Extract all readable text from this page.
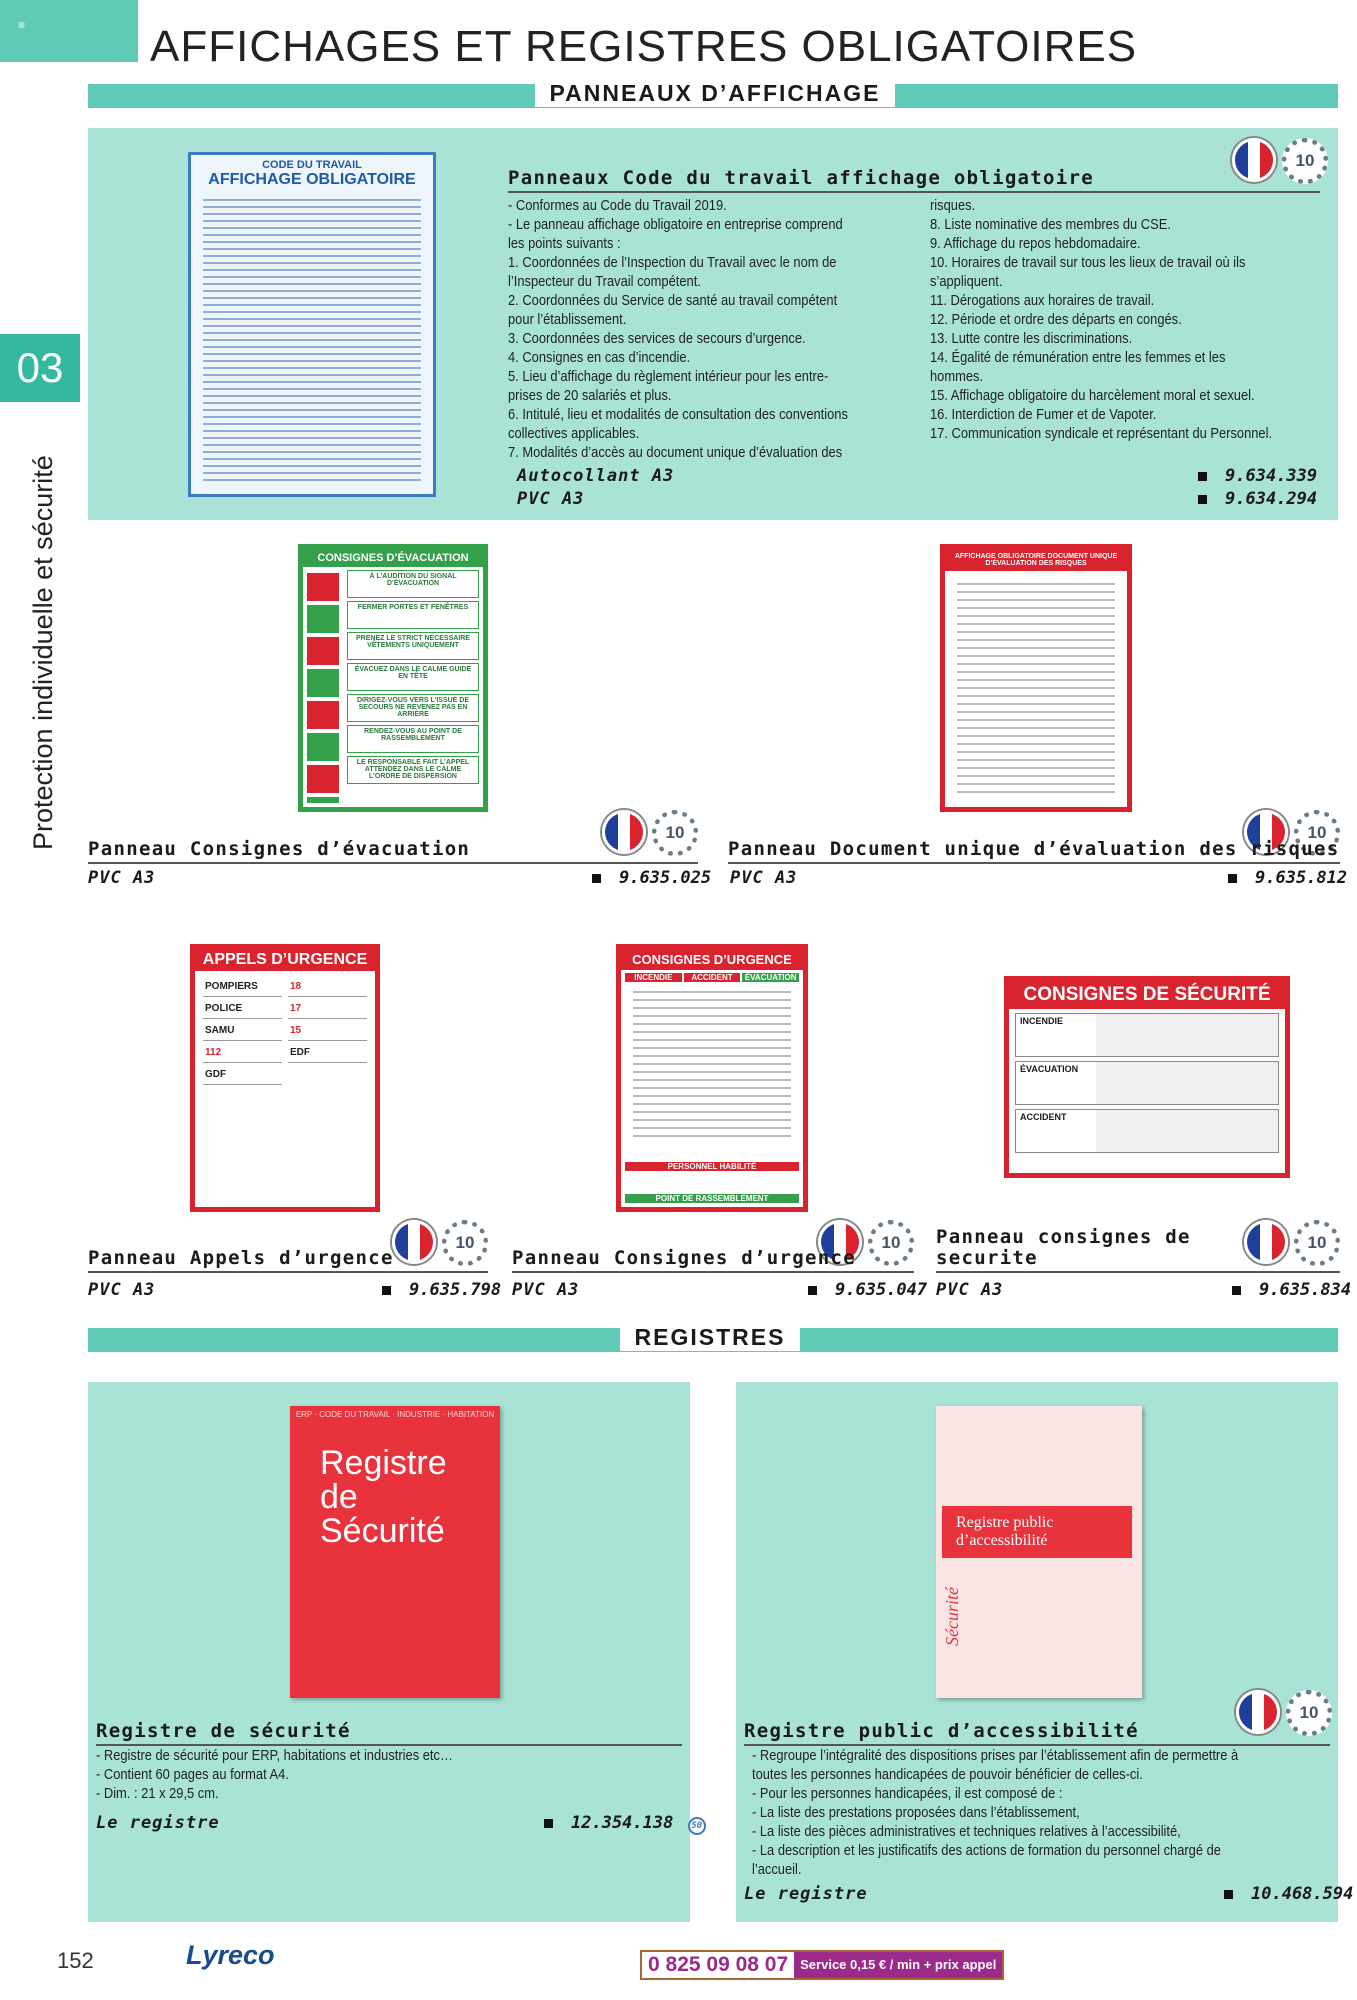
≡	AFFICHAGES ET REGISTRES OBLIGATOIRES
03
Protection individuelle et sécurité
PANNEAUX D’AFFICHAGE
CODE DU TRAVAIL
AFFICHAGE OBLIGATOIRE
10
Panneaux Code du travail affichage obligatoire
- Conformes au Code du Travail 2019.
- Le panneau affichage obligatoire en entreprise comprend
les points suivants :
1. Coordonnées de l’Inspection du Travail avec le nom de
l’Inspecteur du Travail compétent.
2. Coordonnées du Service de santé au travail compétent
pour l’établissement.
3. Coordonnées des services de secours d’urgence.
4. Consignes en cas d’incendie.
5. Lieu d’affichage du règlement intérieur pour les entre-
prises de 20 salariés et plus.
6. Intitulé, lieu et modalités de consultation des conventions
collectives applicables.
7. Modalités d’accès au document unique d’évaluation des
risques.
8. Liste nominative des membres du CSE.
9. Affichage du repos hebdomadaire.
10. Horaires de travail sur tous les lieux de travail où ils
s’appliquent.
11. Dérogations aux horaires de travail.
12. Période et ordre des départs en congés.
13. Lutte contre les discriminations.
14. Égalité de rémunération entre les femmes et les
hommes.
15. Affichage obligatoire du harcèlement moral et sexuel.
16. Interdiction de Fumer et de Vapoter.
17. Communication syndicale et représentant du Personnel.
Autocollant A3	9.634.339
PVC A3	9.634.294
CONSIGNES D’ÉVACUATION
À L’AUDITION DU SIGNAL D’ÉVACUATION
FERMER PORTES ET FENÊTRES
PRENEZ LE STRICT NÉCESSAIRE VÊTEMENTS UNIQUEMENT
ÉVACUEZ DANS LE CALME GUIDE EN TÊTE
DIRIGEZ-VOUS VERS L’ISSUE DE SECOURS NE REVENEZ PAS EN ARRIÈRE
RENDEZ-VOUS AU POINT DE RASSEMBLEMENT
LE RESPONSABLE FAIT L’APPEL ATTENDEZ DANS LE CALME L’ORDRE DE DISPERSION
10
Panneau Consignes d’évacuation
PVC A3	9.635.025
AFFICHAGE OBLIGATOIRE DOCUMENT UNIQUE D’ÉVALUATION DES RISQUES
10
Panneau Document unique d’évaluation des risques
PVC A3	9.635.812
APPELS D’URGENCE
POMPIERS	18
POLICE	17
SAMU	15
112	EDF
GDF
10
Panneau Appels d’urgence
PVC A3	9.635.798
CONSIGNES D’URGENCE
INCENDIE	ACCIDENT	ÉVACUATION
PERSONNEL HABILITÉ
POINT DE RASSEMBLEMENT
10
Panneau Consignes d’urgence
PVC A3	9.635.047
CONSIGNES DE SÉCURITÉ
INCENDIE
ÉVACUATION
ACCIDENT
10
Panneau consignes de
securite
PVC A3	9.635.834
REGISTRES
ERP · CODE DU TRAVAIL · INDUSTRIE · HABITATION
Registre de Sécurité
Registre de sécurité
- Registre de sécurité pour ERP, habitations et industries etc…
- Contient 60 pages au format A4.
- Dim. : 21 x 29,5 cm.
Le registre	12.354.138 50
Registre public d’accessibilité
Sécurité
10
Registre public d’accessibilité
- Regroupe l’intégralité des dispositions prises par l’établissement afin de permettre à
toutes les personnes handicapées de pouvoir bénéficier de celles-ci.
- Pour les personnes handicapées, il est composé de :
- La liste des prestations proposées dans l’établissement,
- La liste des pièces administratives et techniques relatives à l’accessibilité,
- La description et les justificatifs des actions de formation du personnel chargé de
l’accueil.
Le registre	10.468.594
152	Lyreco	0 825 09 08 07 Service 0,15 € / min + prix appel
